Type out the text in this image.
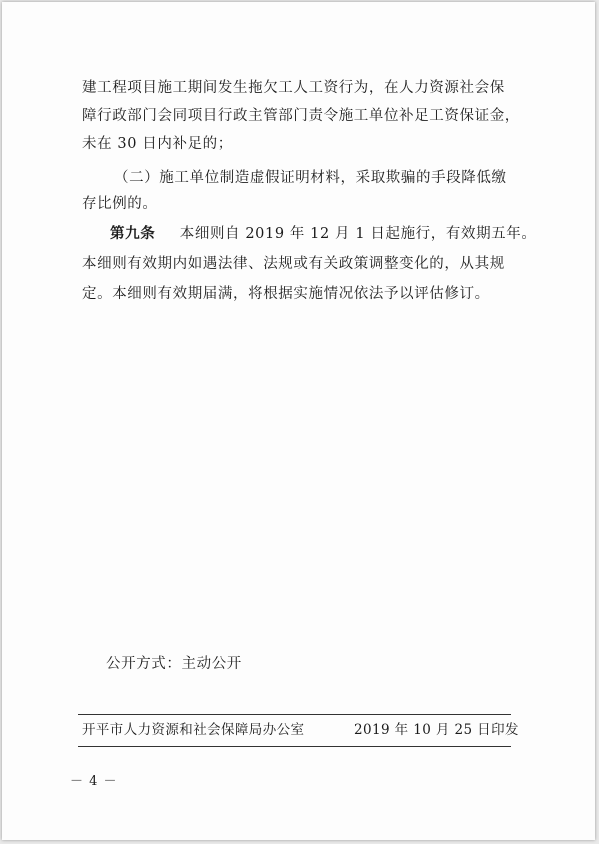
建工程项目施工期间发生拖欠工人工资行为，在人力资源社会保
障行政部门会同项目行政主管部门责令施工单位补足工资保证金，
未在 30 日内补足的；
（二）施工单位制造虚假证明材料，采取欺骗的手段降低缴
存比例的。
第九条 本细则自 2019 年 12 月 1 日起施行，有效期五年。
本细则有效期内如遇法律、法规或有关政策调整变化的，从其规
定。本细则有效期届满，将根据实施情况依法予以评估修订。
公开方式：主动公开
开平市人力资源和社会保障局办公室	2019 年 10 月 25 日印发
－ 4 －
